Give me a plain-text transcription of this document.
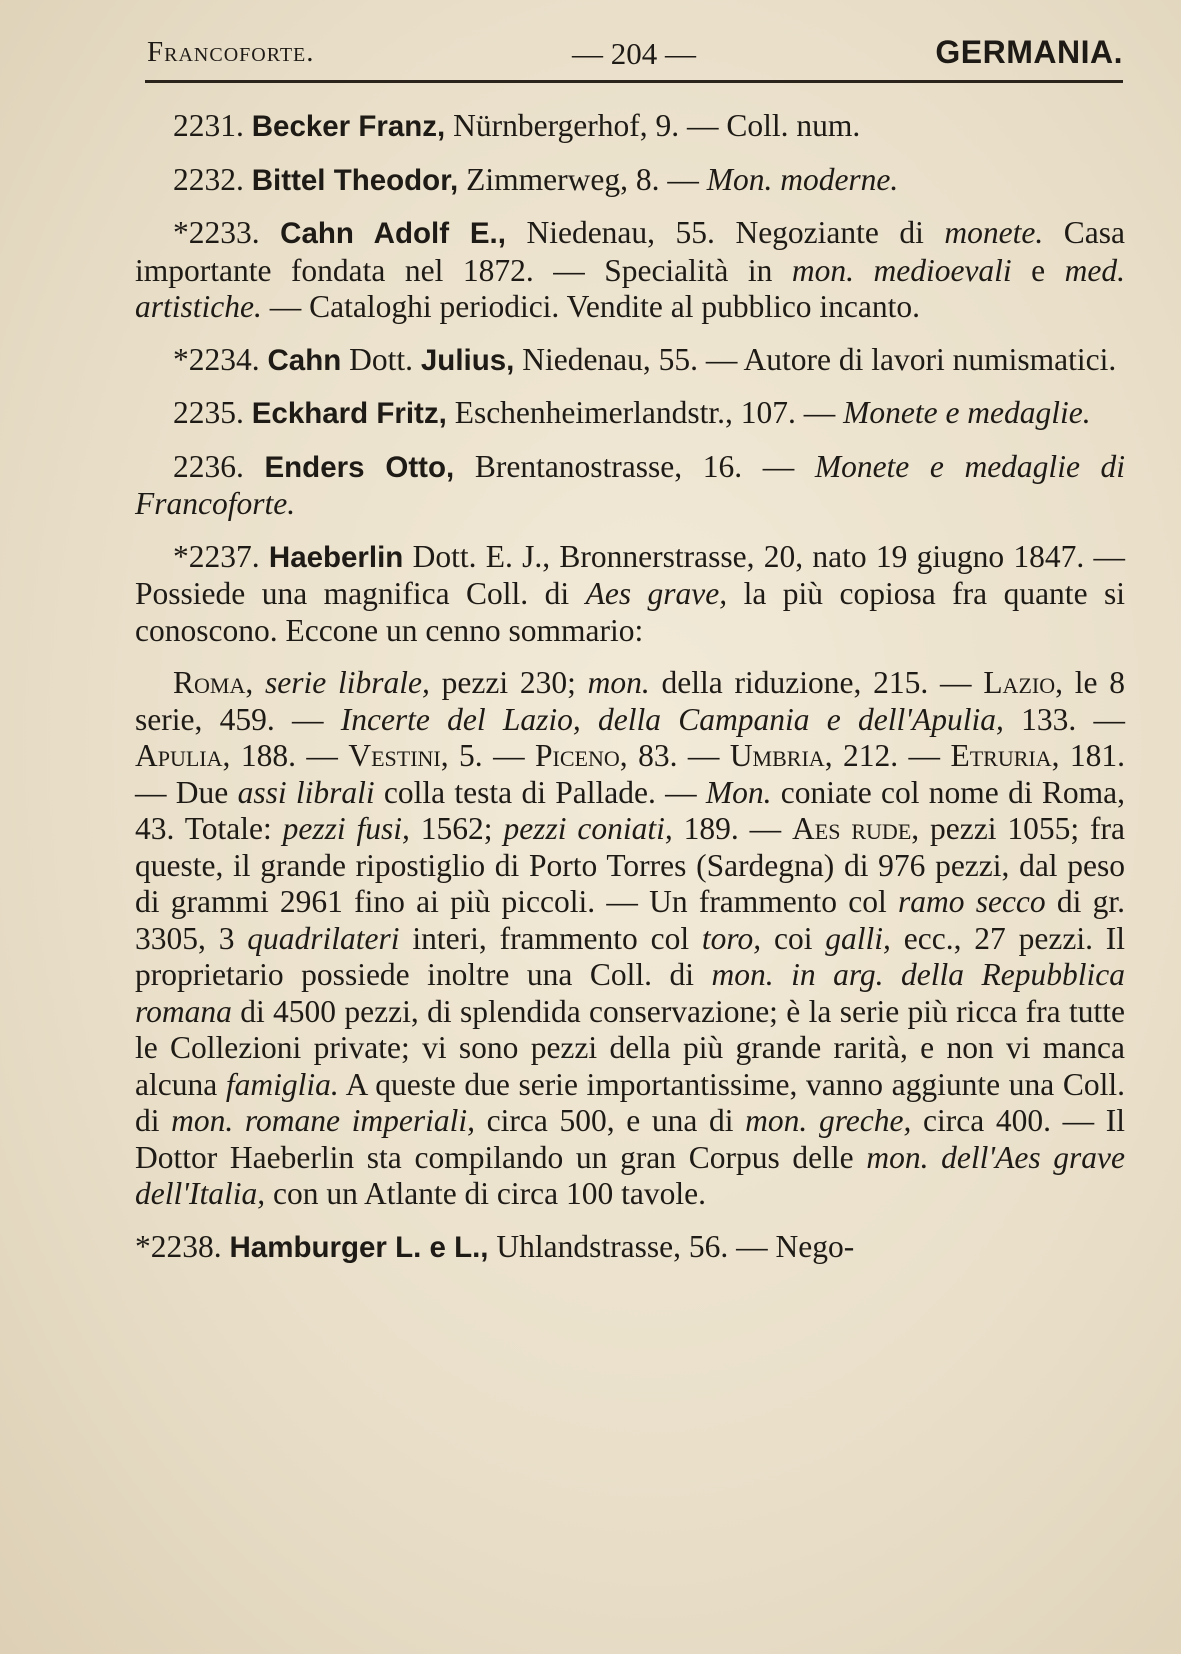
Francoforte.	— 204 —	GERMANIA.
2231. Becker Franz, Nürnbergerhof, 9. — Coll. num.
2232. Bittel Theodor, Zimmerweg, 8. — Mon. moderne.
*2233. Cahn Adolf E., Niedenau, 55. Negoziante di monete. Casa importante fondata nel 1872. — Specialità in mon. medioevali e med. artistiche. — Cataloghi periodici. Vendite al pubblico incanto.
*2234. Cahn Dott. Julius, Niedenau, 55. — Autore di lavori numismatici.
2235. Eckhard Fritz, Eschenheimerlandstr., 107. — Monete e medaglie.
2236. Enders Otto, Brentanostrasse, 16. — Monete e medaglie di Francoforte.
*2237. Haeberlin Dott. E. J., Bronnerstrasse, 20, nato 19 giugno 1847. — Possiede una magnifica Coll. di Aes grave, la più copiosa fra quante si conoscono. Eccone un cenno sommario:
Roma, serie librale, pezzi 230; mon. della riduzione, 215. — Lazio, le 8 serie, 459. — Incerte del Lazio, della Campania e dell'Apulia, 133. — Apulia, 188. — Vestini, 5. — Piceno, 83. — Umbria, 212. — Etruria, 181. — Due assi librali colla testa di Pallade. — Mon. coniate col nome di Roma, 43. Totale: pezzi fusi, 1562; pezzi coniati, 189. — Aes rude, pezzi 1055; fra queste, il grande ripostiglio di Porto Torres (Sardegna) di 976 pezzi, dal peso di grammi 2961 fino ai più piccoli. — Un frammento col ramo secco di gr. 3305, 3 quadrilateri interi, frammento col toro, coi galli, ecc., 27 pezzi. Il proprietario possiede inoltre una Coll. di mon. in arg. della Repubblica romana di 4500 pezzi, di splendida conservazione; è la serie più ricca fra tutte le Collezioni private; vi sono pezzi della più grande rarità, e non vi manca alcuna famiglia. A queste due serie importantissime, vanno aggiunte una Coll. di mon. romane imperiali, circa 500, e una di mon. greche, circa 400. — Il Dottor Haeberlin sta compilando un gran Corpus delle mon. dell'Aes grave dell'Italia, con un Atlante di circa 100 tavole.
*2238. Hamburger L. e L., Uhlandstrasse, 56. — Nego-
